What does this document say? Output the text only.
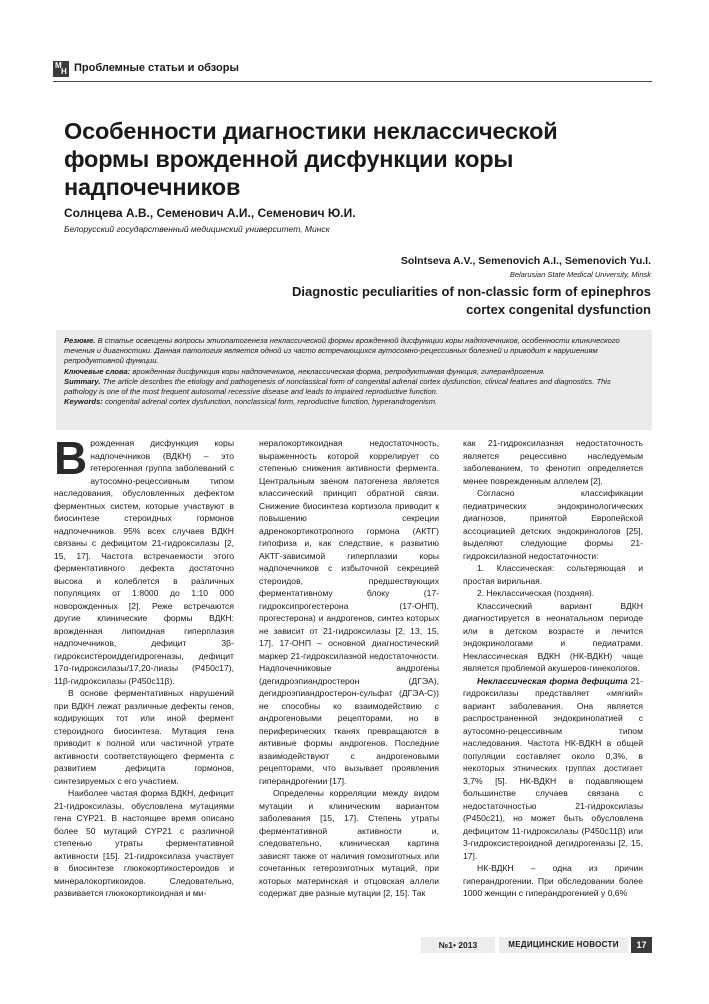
М
Н Проблемные статьи и обзоры
Особенности диагностики неклассической формы врожденной дисфункции коры надпочечников
Солнцева А.В., Семенович А.И., Семенович Ю.И.
Белорусский государственный медицинский университет, Минск
Solntseva A.V., Semenovich A.I., Semenovich Yu.I.
Belarusian State Medical University, Minsk
Diagnostic peculiarities of non-classic form of epinephros cortex congenital dysfunction

Резюме. В статье освещены вопросы этиопатогенеза неклассической формы врожденной дисфункции коры надпочечников, особенности клинического течения и диагностики. Данная патология является одной из часто встречающихся аутосомно-рецессивных болезней и приводит к нарушениям репродуктивной функции.

Ключевые слова: врожденная дисфункция коры надпочечников, неклассическая форма, репродуктивная функция, гиперандрогения.

Summary. The article describes the etiology and pathogenesis of nonclassical form of congenital adrenal cortex dysfunction, clinical features and diagnostics. This pathology is one of the most frequent autosomal recessive disease and leads to impaired reproductive function.

Keywords: congenital adrenal cortex dysfunction, nonclassical form, reproductive function, hyperandrogenism.

Врожденная дисфункция коры надпочечников (ВДКН) – это гетерогенная группа заболеваний с аутосомно-рецессивным типом наследования, обусловленных дефектом ферментных систем, которые участвуют в биосинтезе стероидных гормонов надпочечников. 95% всех случаев ВДКН связаны с дефицитом 21-гидроксилазы [2, 15, 17]. Частота встречаемости этого ферментативного дефекта достаточно высока и колеблется в различных популяциях от 1:8000 до 1:10 000 новорожденных [2]. Реже встречаются другие клинические формы ВДКН: врожденная липоидная гиперплазия надпочечников, дефицит 3β-гидроксистероиддегидрогеназы, дефицит 17α-гидроксилазы/17,20-лиазы (P450c17), 11β-гидроксилазы (P450c11β).

В основе ферментативных нарушений при ВДКН лежат различные дефекты генов, кодирующих тот или иной фермент стероидного биосинтеза. Мутация гена приводит к полной или частичной утрате активности соответствующего фермента с развитием дефицита гормонов, синтезируемых с его участием.

Наиболее частая форма ВДКН, дефицит 21-гидроксилазы, обусловлена мутациями гена CYP21. В настоящее время описано более 50 мутаций CYP21 с различной степенью утраты ферментативной активности [15]. 21-гидроксилаза участвует в биосинтезе глюкокортикостероидов и минералокортикоидов. Следовательно, развивается глюкокортикоидная и ми-

нералокортикоидная недостаточность, выраженность которой коррелирует со степенью снижения активности фермента. Центральным звеном патогенеза является классический принцип обратной связи. Снижение биосинтеза кортизола приводит к повышению секреции адренокортикотропного гормона (АКТГ) гипофиза и, как следствие, к развитию АКТГ-зависимой гиперплазии коры надпочечников с избыточной секрецией стероидов, предшествующих ферментативному блоку (17-гидроксипрогестерона (17-ОНП), прогестерона) и андрогенов, синтез которых не зависит от 21-гидроксилазы [2, 13, 15, 17]. 17-ОНП – основной диагностический маркер 21-гидроксилазной недостаточности. Надпочечниковые андрогены (дегидроэпиандростерон (ДГЭА), дегидроэпиандростерон-сульфат (ДГЭА-С)) не способны ко взаимодействию с андрогеновыми рецепторами, но в периферических тканях превращаются в активные формы андрогенов. Последние взаимодействуют с андрогеновыми рецепторами, что вызывает проявления гиперандрогении [17].

Определены корреляции между видом мутации и клиническим вариантом заболевания [15, 17]. Степень утраты ферментативной активности и, следовательно, клиническая картина зависят также от наличия гомозиготных или сочетанных гетерозиготных мутаций, при которых материнская и отцовская аллели содержат две разные мутации [2, 15]. Так

как 21-гидроксилазная недостаточность является рецессивно наследуемым заболеванием, то фенотип определяется менее поврежденным аллелем [2].

Согласно классификации педиатрических эндокринологических диагнозов, принятой Европейской ассоциацией детских эндокринологов [25], выделяют следующие формы 21-гидроксилазной недостаточности:

1. Классическая: сольтеряющая и простая вирильная.

2. Неклассическая (поздняя).

Классический вариант ВДКН диагностируется в неонатальном периоде или в детском возрасте и лечится эндокринологами и педиатрами. Неклассическая ВДКН (НК-ВДКН) чаще является проблемой акушеров-гинекологов.

Неклассическая форма дефицита 21-гидроксилазы представляет «мягкий» вариант заболевания. Она является распространенной эндокринопатией с аутосомно-рецессивным типом наследования. Частота НК-ВДКН в общей популяции составляет около 0,3%, в некоторых этнических группах достигает 3,7% [5]. НК-ВДКН в подавляющем большинстве случаев связана с недостаточностью 21-гидроксилазы (P450c21), но может быть обусловлена дефицитом 11-гидроксилазы (P450c11β) или 3-гидроксистероидной дегидрогеназы [2, 15, 17].

НК-ВДКН – одна из причин гиперандрогении. При обследовании более 1000 женщин с гиперандрогенией у 0,6%

№1• 2013	МЕДИЦИНСКИЕ НОВОСТИ	17
